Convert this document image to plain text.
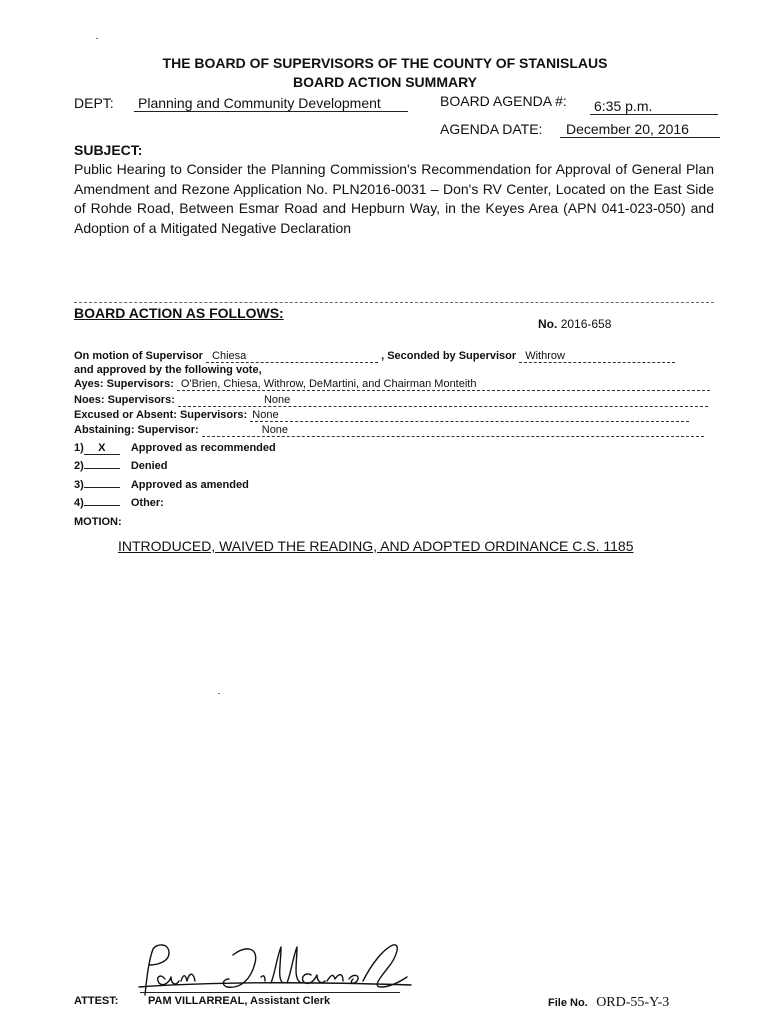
THE BOARD OF SUPERVISORS OF THE COUNTY OF STANISLAUS
BOARD ACTION SUMMARY
DEPT: Planning and Community Development	BOARD AGENDA #: 6:35 p.m.
AGENDA DATE:	December 20, 2016
SUBJECT:
Public Hearing to Consider the Planning Commission's Recommendation for Approval of General Plan Amendment and Rezone Application No. PLN2016-0031 – Don's RV Center, Located on the East Side of Rohde Road, Between Esmar Road and Hepburn Way, in the Keyes Area (APN 041-023-050) and Adoption of a Mitigated Negative Declaration
BOARD ACTION AS FOLLOWS:
No. 2016-658
On motion of Supervisor Chiesa	, Seconded by Supervisor Withrow
and approved by the following vote,
Ayes: Supervisors: O'Brien, Chiesa, Withrow, DeMartini, and Chairman Monteith
Noes: Supervisors:	None
Excused or Absent: Supervisors: None
Abstaining: Supervisor:	None
1) X Approved as recommended
2)	Denied
3)	Approved as amended
4)	Other:
MOTION:
INTRODUCED, WAIVED THE READING, AND ADOPTED ORDINANCE C.S. 1185
ATTEST:	PAM VILLARREAL, Assistant Clerk	File No. ORD-55-Y-3
